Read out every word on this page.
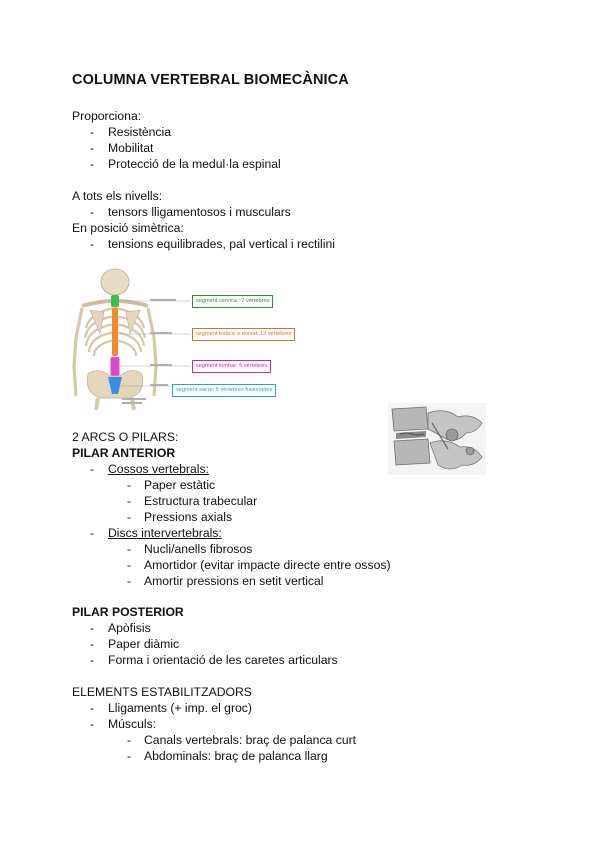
COLUMNA VERTEBRAL BIOMECÀNICA
Proporciona:
- Resistència
- Mobilitat
- Protecció de la medul·la espinal
A tots els nivells:
- tensors lligamentosos i musculars
En posició simètrica:
- tensions equilibrades, pal vertical i rectilini
segment cervica : 7 vèrtebres
segment toràcic o dorsal: 12 vèrtebres
segment lumbar: 5 vèrtebres
segment sacre: 5 vèrtebres fusionades
2 ARCS O PILARS:
PILAR ANTERIOR
- Cossos vertebrals:
- Paper estàtic
- Estructura trabecular
- Pressions axials
- Discs intervertebrals:
- Nucli/anells fibrosos
- Amortidor (evitar impacte directe entre ossos)
- Amortir pressions en setit vertical
PILAR POSTERIOR
- Apòfisis
- Paper diàmic
- Forma i orientació de les caretes articulars
ELEMENTS ESTABILITZADORS
- Lligaments (+ imp. el groc)
- Músculs:
- Canals vertebrals: braç de palanca curt
- Abdominals: braç de palanca llarg
